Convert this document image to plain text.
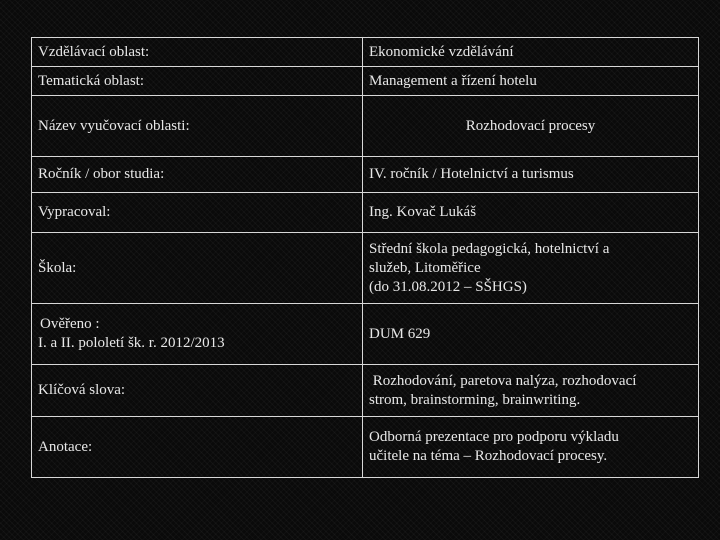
Vzdělávací oblast:	Ekonomické vzdělávání
Tematická oblast:	Management a řízení hotelu
Název vyučovací oblasti:	Rozhodovací procesy
Ročník / obor studia:	IV. ročník / Hotelnictví a turismus
Vypracoval:	Ing. Kovač Lukáš
Škola:	Střední škola pedagogická, hotelnictví a
služeb, Litoměřice
(do 31.08.2012 – SŠHGS)

Ověřeno :
I. a II. pololetí šk. r. 2012/2013	DUM 629
Klíčová slova:	Rozhodování, paretova nalýza, rozhodovací
strom, brainstorming, brainwriting.

Anotace:	Odborná prezentace pro podporu výkladu
učitele na téma – Rozhodovací procesy.
